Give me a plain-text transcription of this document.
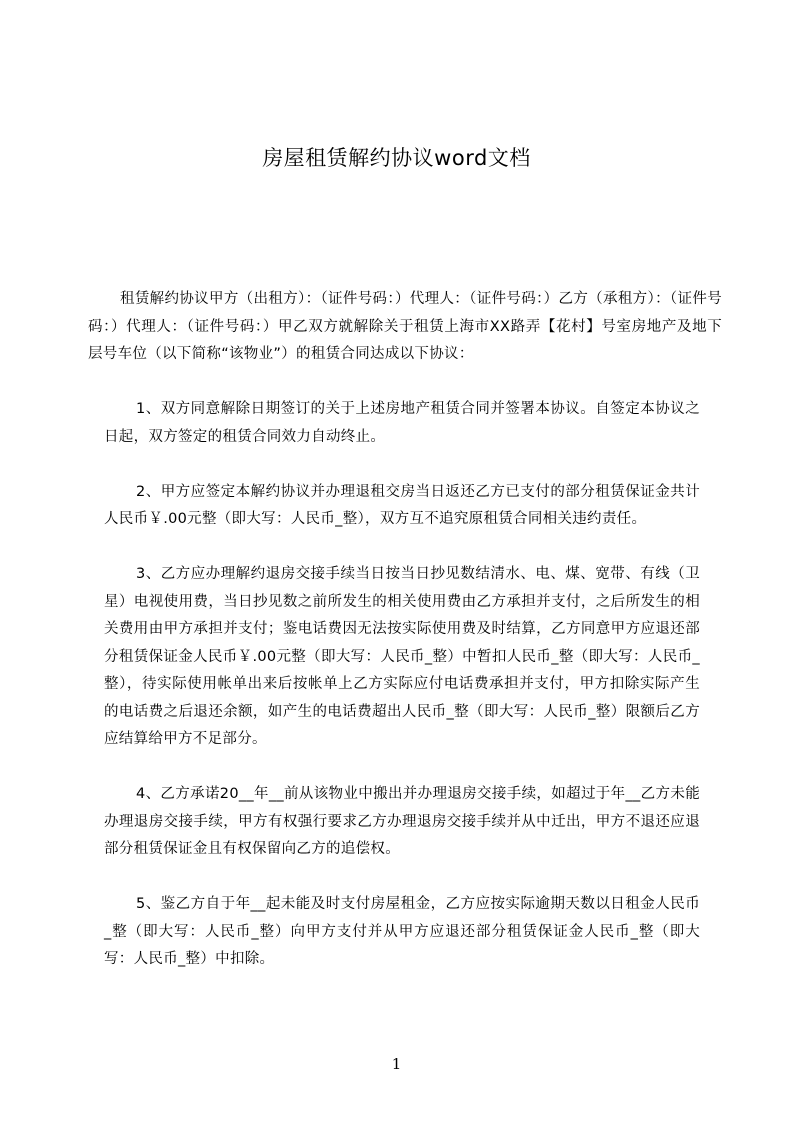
房屋租赁解约协议word文档

租赁解约协议甲方（出租方）：（证件号码：）代理人：（证件号码：）乙方（承租方）：（证件号码：）代理人：（证件号码：）甲乙双方就解除关于租赁上海市XX路弄【花村】号室房地产及地下层号车位（以下简称“该物业”）的租赁合同达成以下协议：

1、双方同意解除日期签订的关于上述房地产租赁合同并签署本协议。自签定本协议之日起，双方签定的租赁合同效力自动终止。

2、甲方应签定本解约协议并办理退租交房当日返还乙方已支付的部分租赁保证金共计人民币￥.00元整（即大写：人民币_整），双方互不追究原租赁合同相关违约责任。

3、乙方应办理解约退房交接手续当日按当日抄见数结清水、电、煤、宽带、有线（卫星）电视使用费，当日抄见数之前所发生的相关使用费由乙方承担并支付，之后所发生的相关费用由甲方承担并支付；鉴电话费因无法按实际使用费及时结算，乙方同意甲方应退还部分租赁保证金人民币￥.00元整（即大写：人民币_整）中暂扣人民币_整（即大写：人民币_整），待实际使用帐单出来后按帐单上乙方实际应付电话费承担并支付，甲方扣除实际产生的电话费之后退还余额，如产生的电话费超出人民币_整（即大写：人民币_整）限额后乙方应结算给甲方不足部分。

4、乙方承诺20__年__前从该物业中搬出并办理退房交接手续，如超过于年__乙方未能办理退房交接手续，甲方有权强行要求乙方办理退房交接手续并从中迁出，甲方不退还应退部分租赁保证金且有权保留向乙方的追偿权。

5、鉴乙方自于年__起未能及时支付房屋租金，乙方应按实际逾期天数以日租金人民币_整（即大写：人民币_整）向甲方支付并从甲方应退还部分租赁保证金人民币_整（即大写：人民币_整）中扣除。

1
